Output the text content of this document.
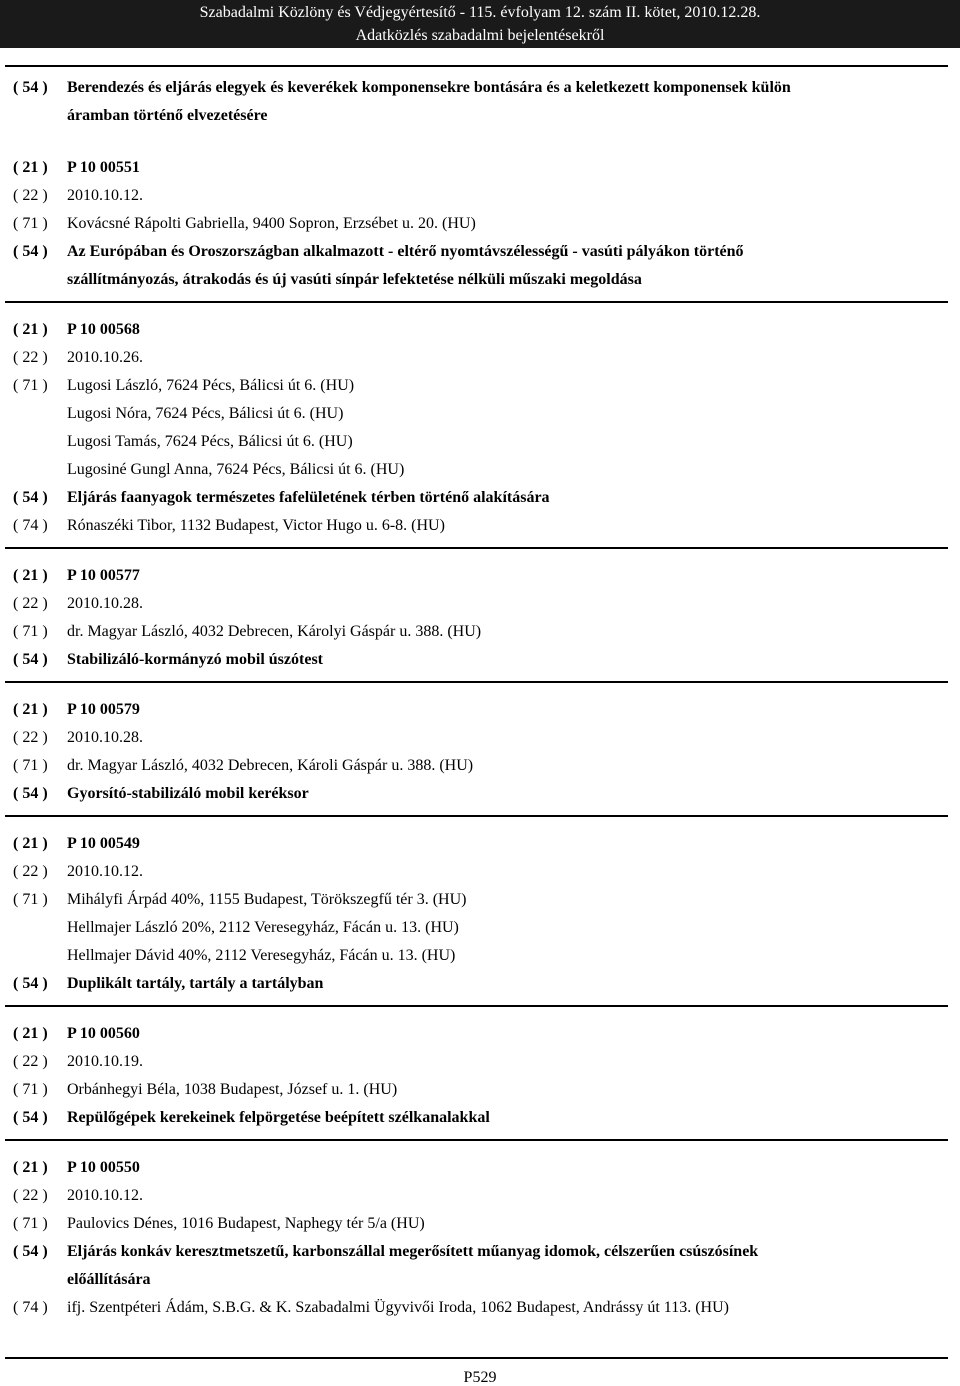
Szabadalmi Közlöny és Védjegyértesítő - 115. évfolyam 12. szám II. kötet, 2010.12.28.
Adatközlés szabadalmi bejelentésekről
( 54 )	Berendezés és eljárás elegyek és keverékek komponensekre bontására és a keletkezett komponensek külön
áramban történő elvezetésére
( 21 )	P 10 00551
( 22 )	2010.10.12.
( 71 )	Kovácsné Rápolti Gabriella, 9400 Sopron, Erzsébet u. 20. (HU)
( 54 )	Az Európában és Oroszországban alkalmazott - eltérő nyomtávszélességű - vasúti pályákon történő
szállítmányozás, átrakodás és új vasúti sínpár lefektetése nélküli műszaki megoldása
( 21 )	P 10 00568
( 22 )	2010.10.26.
( 71 )	Lugosi László, 7624 Pécs, Bálicsi út 6. (HU)
Lugosi Nóra, 7624 Pécs, Bálicsi út 6. (HU)
Lugosi Tamás, 7624 Pécs, Bálicsi út 6. (HU)
Lugosiné Gungl Anna, 7624 Pécs, Bálicsi út 6. (HU)
( 54 )	Eljárás faanyagok természetes fafelületének térben történő alakítására
( 74 )	Rónaszéki Tibor, 1132 Budapest, Victor Hugo u. 6-8. (HU)
( 21 )	P 10 00577
( 22 )	2010.10.28.
( 71 )	dr. Magyar László, 4032 Debrecen, Károlyi Gáspár u. 388. (HU)
( 54 )	Stabilizáló-kormányzó mobil úszótest
( 21 )	P 10 00579
( 22 )	2010.10.28.
( 71 )	dr. Magyar László, 4032 Debrecen, Károli Gáspár u. 388. (HU)
( 54 )	Gyorsító-stabilizáló mobil keréksor
( 21 )	P 10 00549
( 22 )	2010.10.12.
( 71 )	Mihályfi Árpád 40%, 1155 Budapest, Törökszegfű tér 3. (HU)
Hellmajer László 20%, 2112 Veresegyház, Fácán u. 13. (HU)
Hellmajer Dávid 40%, 2112 Veresegyház, Fácán u. 13. (HU)
( 54 )	Duplikált tartály, tartály a tartályban
( 21 )	P 10 00560
( 22 )	2010.10.19.
( 71 )	Orbánhegyi Béla, 1038 Budapest, József u. 1. (HU)
( 54 )	Repülőgépek kerekeinek felpörgetése beépített szélkanalakkal
( 21 )	P 10 00550
( 22 )	2010.10.12.
( 71 )	Paulovics Dénes, 1016 Budapest, Naphegy tér 5/a (HU)
( 54 )	Eljárás konkáv keresztmetszetű, karbonszállal megerősített műanyag idomok, célszerűen csúszósínek
előállítására
( 74 )	ifj. Szentpéteri Ádám, S.B.G. & K. Szabadalmi Ügyvivői Iroda, 1062 Budapest, Andrássy út 113. (HU)
P529
